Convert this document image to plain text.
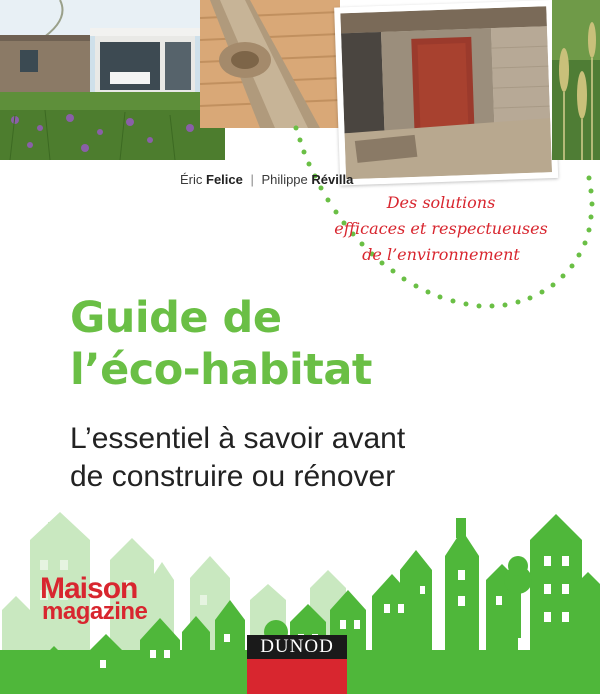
Éric Felice | Philippe Révilla
Des solutions
efficaces et respectueuses
de l’environnement
Guide de
l’éco-habitat
L’essentiel à savoir avant
de construire ou rénover
Maison
magazine
DUNOD
